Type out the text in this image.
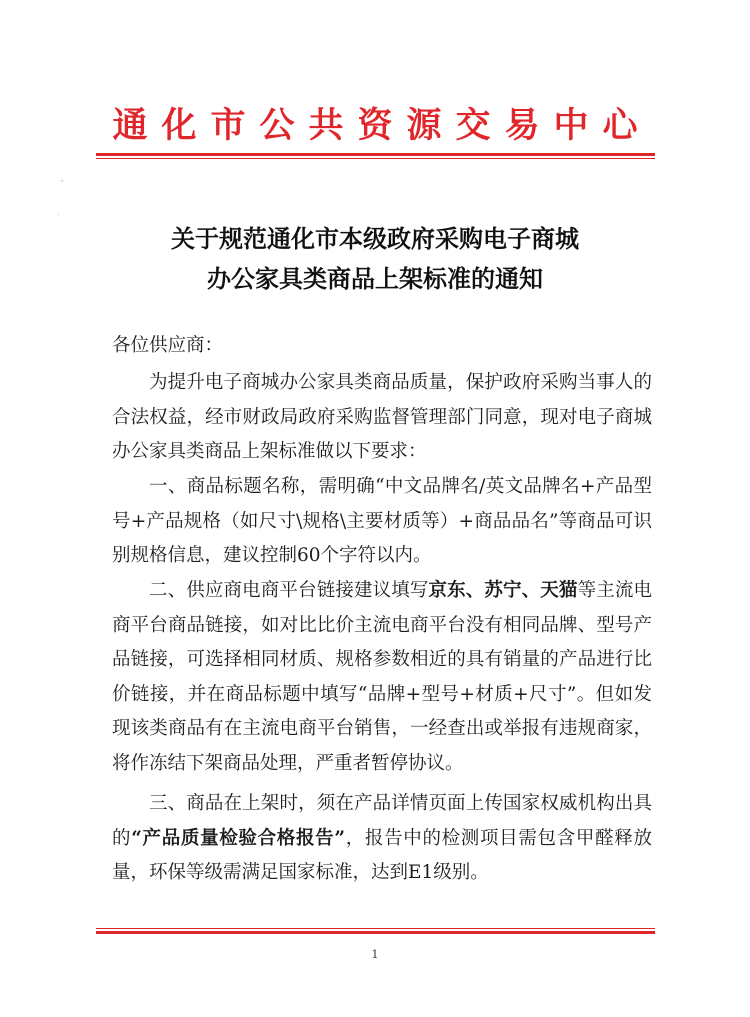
通化市公共资源交易中心
ˆ
˙
关于规范通化市本级政府采购电子商城
办公家具类商品上架标准的通知
各位供应商：

为提升电子商城办公家具类商品质量，保护政府采购当事人的合法权益，经市财政局政府采购监督管理部门同意，现对电子商城办公家具类商品上架标准做以下要求：

一、商品标题名称，需明确“中文品牌名/英文品牌名+产品型号+产品规格（如尺寸\规格\主要材质等）+商品品名”等商品可识别规格信息，建议控制60个字符以内。

二、供应商电商平台链接建议填写京东、苏宁、天猫等主流电商平台商品链接，如对比比价主流电商平台没有相同品牌、型号产品链接，可选择相同材质、规格参数相近的具有销量的产品进行比价链接，并在商品标题中填写“品牌+型号+材质+尺寸”。但如发现该类商品有在主流电商平台销售，一经查出或举报有违规商家，将作冻结下架商品处理，严重者暂停协议。

三、商品在上架时，须在产品详情页面上传国家权威机构出具的“产品质量检验合格报告”，报告中的检测项目需包含甲醛释放量，环保等级需满足国家标准，达到E1级别。

1
